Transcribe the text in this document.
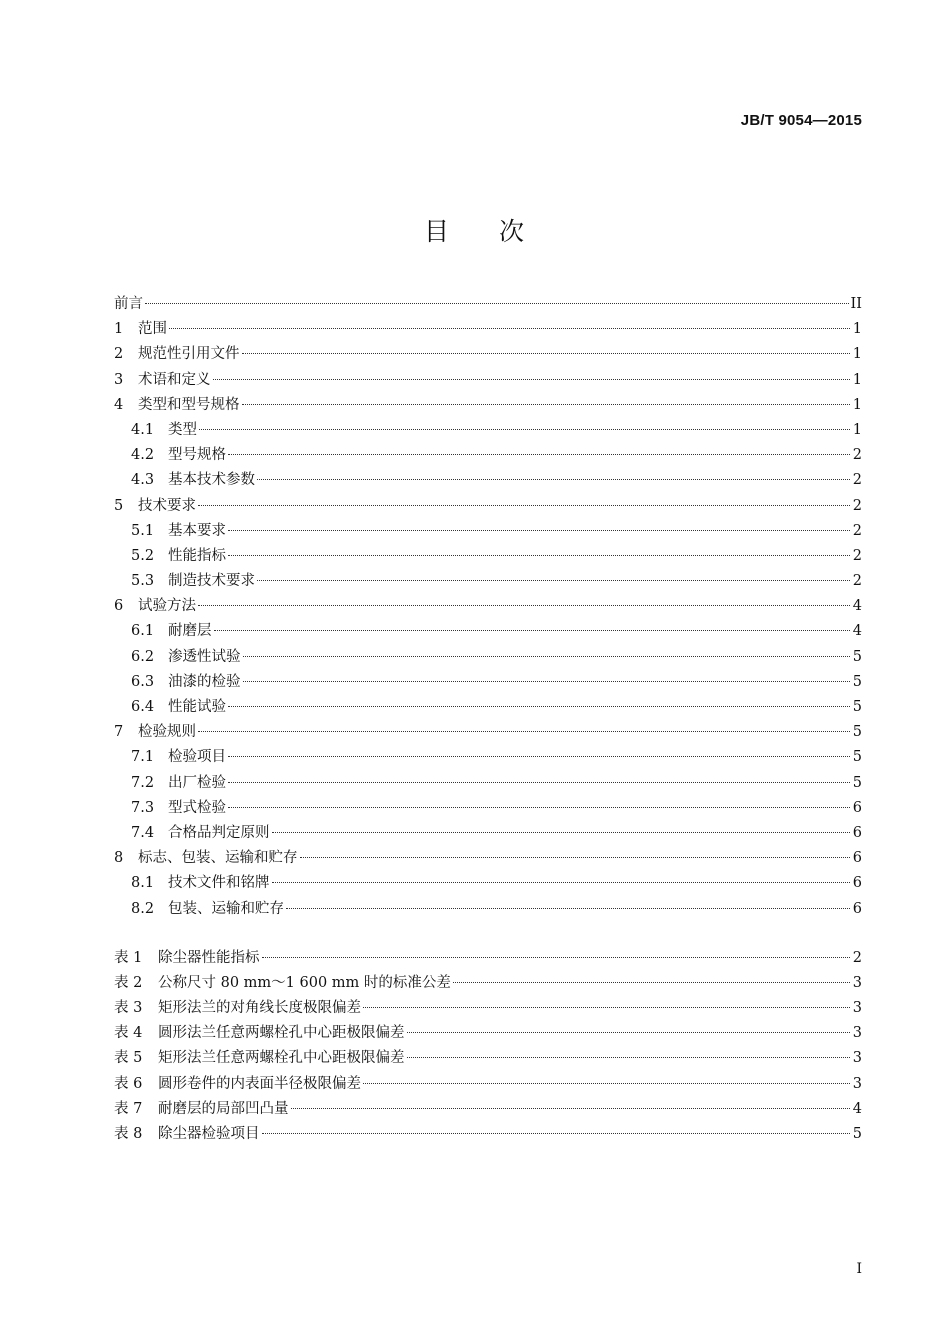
JB/T 9054—2015
目 次
前言	II
1	范围	1
2	规范性引用文件	1
3	术语和定义	1
4	类型和型号规格	1
4.1 类型	1
4.2 型号规格	2
4.3 基本技术参数	2
5	技术要求	2
5.1 基本要求	2
5.2 性能指标	2
5.3 制造技术要求	2
6	试验方法	4
6.1 耐磨层	4
6.2 渗透性试验	5
6.3 油漆的检验	5
6.4 性能试验	5
7	检验规则	5
7.1 检验项目	5
7.2 出厂检验	5
7.3 型式检验	6
7.4 合格品判定原则	6
8	标志、包装、运输和贮存	6
8.1 技术文件和铭牌	6
8.2 包装、运输和贮存	6
表 1	除尘器性能指标	2
表 2	公称尺寸 80 mm～1 600 mm 时的标准公差	3
表 3	矩形法兰的对角线长度极限偏差	3
表 4	圆形法兰任意两螺栓孔中心距极限偏差	3
表 5	矩形法兰任意两螺栓孔中心距极限偏差	3
表 6	圆形卷件的内表面半径极限偏差	3
表 7	耐磨层的局部凹凸量	4
表 8	除尘器检验项目	5
I
